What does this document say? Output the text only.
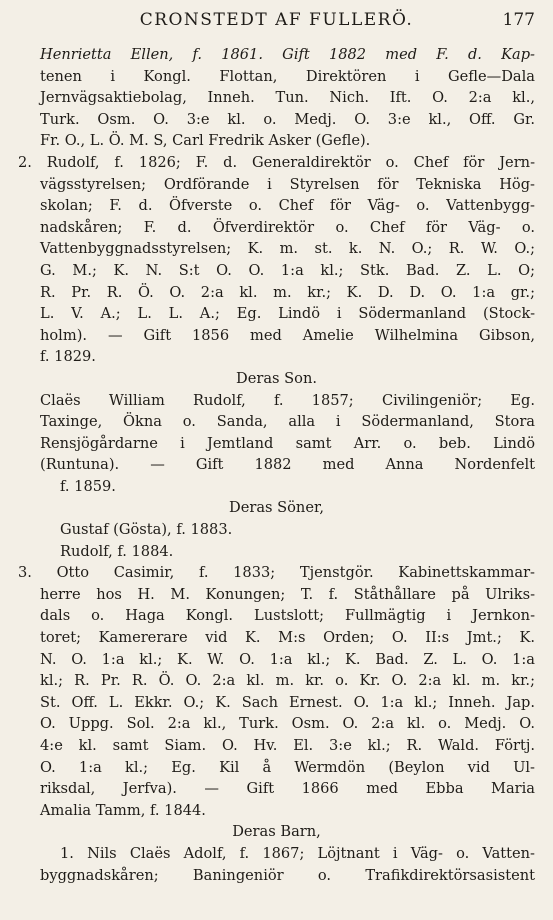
CRONSTEDT AF FULLERÖ.	177
Henrietta Ellen, f. 1861. Gift 1882 med F. d. Kap-
tenen i Kongl. Flottan, Direktören i Gefle—Dala
Jernvägsaktiebolag, Inneh. Tun. Nich. Ift. O. 2:a kl.,
Turk. Osm. O. 3:e kl. o. Medj. O. 3:e kl., Off. Gr.
Fr. O., L. Ö. M. S, Carl Fredrik Asker (Gefle).
2. Rudolf, f. 1826; F. d. Generaldirektör o. Chef för Jern-
vägsstyrelsen; Ordförande i Styrelsen för Tekniska Hög-
skolan; F. d. Öfverste o. Chef för Väg- o. Vattenbygg-
nadskåren; F. d. Öfverdirektör o. Chef för Väg- o.
Vattenbyggnadsstyrelsen; K. m. st. k. N. O.; R. W. O.;
G. M.; K. N. S:t O. O. 1:a kl.; Stk. Bad. Z. L. O;
R. Pr. R. Ö. O. 2:a kl. m. kr.; K. D. D. O. 1:a gr.;
L. V. A.; L. L. A.; Eg. Lindö i Södermanland (Stock-
holm). — Gift 1856 med Amelie Wilhelmina Gibson,
f. 1829.
Deras Son.
Claës William Rudolf, f. 1857; Civilingeniör; Eg.
Taxinge, Ökna o. Sanda, alla i Södermanland, Stora
Rensjögårdarne i Jemtland samt Arr. o. beb. Lindö
(Runtuna). — Gift 1882 med Anna Nordenfelt
f. 1859.
Deras Söner,
Gustaf (Gösta), f. 1883.
Rudolf, f. 1884.
3. Otto Casimir, f. 1833; Tjenstgör. Kabinettskammar-
herre hos H. M. Konungen; T. f. Ståthållare på Ulriks-
dals o. Haga Kongl. Lustslott; Fullmägtig i Jernkon-
toret; Kamererare vid K. M:s Orden; O. II:s Jmt.; K.
N. O. 1:a kl.; K. W. O. 1:a kl.; K. Bad. Z. L. O. 1:a
kl.; R. Pr. R. Ö. O. 2:a kl. m. kr. o. Kr. O. 2:a kl. m. kr.;
St. Off. L. Ekkr. O.; K. Sach Ernest. O. 1:a kl.; Inneh. Jap.
O. Uppg. Sol. 2:a kl., Turk. Osm. O. 2:a kl. o. Medj. O.
4:e kl. samt Siam. O. Hv. El. 3:e kl.; R. Wald. Förtj.
O. 1:a kl.; Eg. Kil å Wermdön (Beylon vid Ul-
riksdal, Jerfva). — Gift 1866 med Ebba Maria
Amalia Tamm, f. 1844.
Deras Barn,
1. Nils Claës Adolf, f. 1867; Löjtnant i Väg- o. Vatten-
byggnadskåren; Baningeniör o. Trafikdirektörsasistent
